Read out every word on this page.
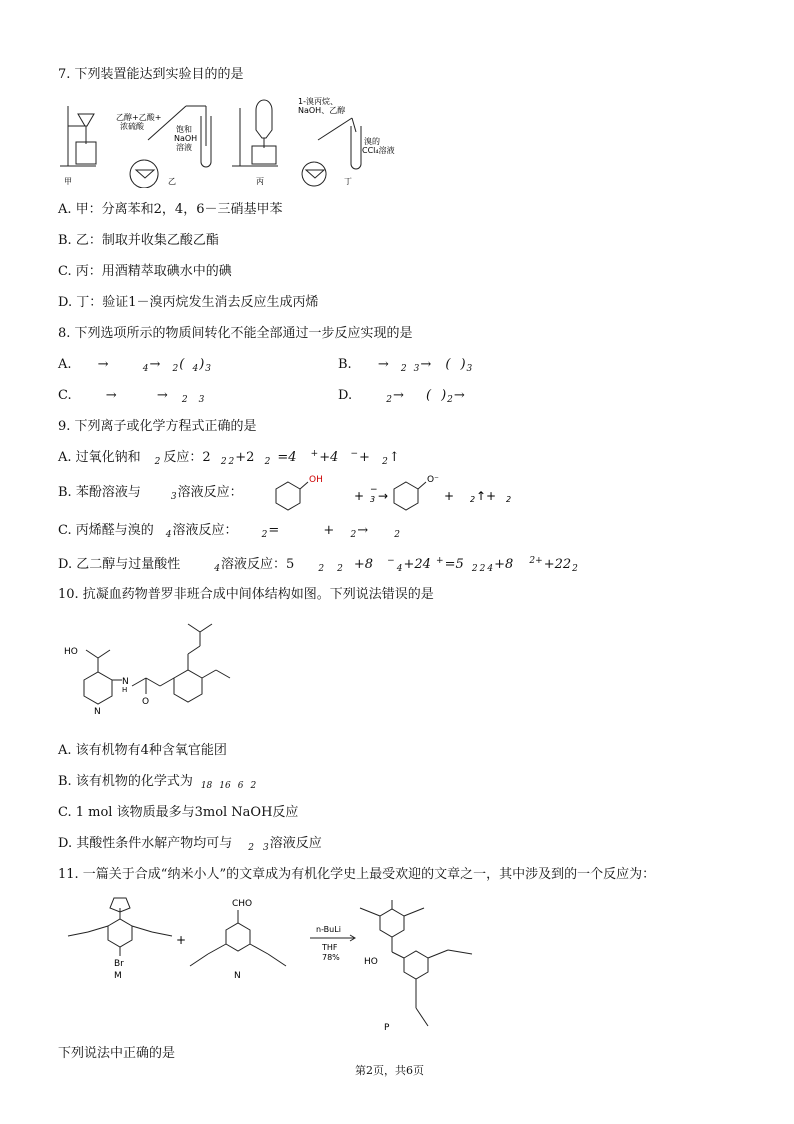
7. 下列装置能达到实验目的的是
1-溴丙烷、
NaOH、乙醇
乙醇+乙酸+
浓硫酸	饱和
NaOH
溶液
溴的
CCl₄溶液
甲	乙	丙	丁
A. 甲：分离苯和2，4，6－三硝基甲苯
B. 乙：制取并收集乙酸乙酯
C. 丙：用酒精萃取碘水中的碘
D. 丁：验证1－溴丙烷发生消去反应生成丙烯
8. 下列选项所示的物质间转化不能全部通过一步反应实现的是
A. →	$_4$→ $_2$( $_4)_3$	B. → $_2$ $_3$→ ( )$_3$
C.	→	→ $_2$ $_3$	D.	$_2$→ ( )$_2\to$
9. 下列离子或化学方程式正确的是
A. 过氧化钠和 $_2$ 反应：2 $_2$ $_2$+2 $_2$ =4 ++4 −+ $_2$↑
B. 苯酚溶液与	$_3$溶液反应：
OH
+ 3
− →
O⁻
+ 2 ↑+ 2
C. 丙烯醛与溴的 $_4$溶液反应：	$_2$=	+ $_2$→	$_2$
D. 乙二醇与过量酸性	$_4$溶液反应：5	$_2$ $_2$ +8 −$_4$+24 +=5 $_2$ $_2$ $_4$+8 $^{2+}+22_2$
10. 抗凝血药物普罗非班合成中间体结构如图。下列说法错误的是
HO
N
H
N
O
A. 该有机物有4种含氧官能团
B. 该有机物的化学式为 $_{18}$ $_{16}$ $_6$ $_2$
C. 1 mol 该物质最多与3mol NaOH反应
D. 其酸性条件水解产物均可与 $_2$ $_3$溶液反应
11. 一篇关于合成“纳米小人”的文章成为有机化学史上最受欢迎的文章之一，其中涉及到的一个反应为：
CHO
Br
M	N
+
n-BuLi
THF
78%	HO
P
下列说法中正确的是
第2页，共6页
